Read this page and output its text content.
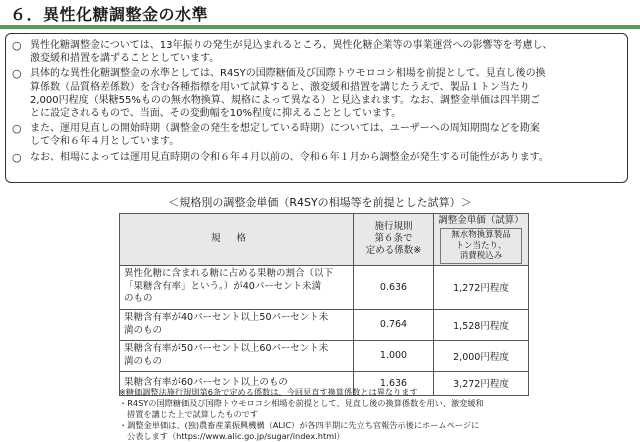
６．異性化糖調整金の水準
○ 異性化糖調整金については、13年振りの発生が見込まれるところ、異性化糖企業等の事業運営への影響等を考慮し、
激変緩和措置を講ずることとしています。
○ 具体的な異性化糖調整金の水準としては、R4SYの国際糖価及び国際トウモロコシ相場を前提として、見直し後の換
算係数（品質格差係数）を含む各種指標を用いて試算すると、激変緩和措置を講じたうえで、製品１トン当たり
2,000円程度（果糖55%ものの無水物換算、規格によって異なる）と見込まれます。なお、調整金単価は四半期ご
とに設定されるもので、当面、その変動幅を10%程度に抑えることとしています。
○ また、運用見直しの開始時期（調整金の発生を想定している時期）については、ユーザーへの周知期間などを勘案
して令和６年４月としています。
○ なお、相場によっては運用見直時期の令和６年４月以前の、令和６年１月から調整金が発生する可能性があります。
＜規格別の調整金単価（R4SYの相場等を前提とした試算）＞
規格	施行規則
第６条で
定める係数※	調整金単価（試算）
無水物換算製品
トン当たり、
消費税込み

異性化糖に含まれる糖に占める果糖の割合（以下
「果糖含有率」という。）が40パーセント未満
のもの	0.636	1,272円程度
果糖含有率が40パーセント以上50パーセント未
満のもの	0.764	1,528円程度
果糖含有率が50パーセント以上60パーセント未
満のもの	1.000	2,000円程度
果糖含有率が60パーセント以上のもの	1.636	3,272円程度
※糖価調整法施行規則第6条で定める係数は、今回見直す換算係数とは異なります
・R4SYの国際糖価及び国際トウモロコシ相場を前提として、見直し後の換算係数を用い、激変緩和
措置を講じた上で試算したものです
・調整金単価は、(独)農畜産業振興機構（ALIC）が各四半期に先立ち官報告示後にホームページに
公表します（https://www.alic.go.jp/sugar/index.html）
